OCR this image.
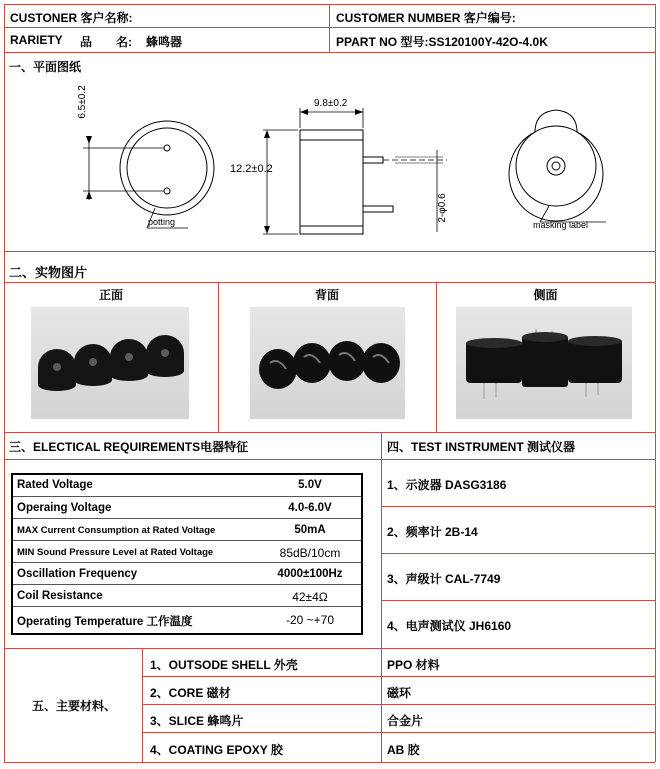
CUSTONER 客户名称:	CUSTOMER NUMBER 客户编号:
RARIETY 品 名: 蜂鸣器	PPART NO 型号:SS120100Y-42O-4.0K
一、平面图纸
6.5±0.2
potting
9.8±0.2
12.2±0.2
2-φ0.6
masking label
二、实物图片
正面	背面	侧面
三、ELECTICAL REQUIREMENTS电器特征
Rated Voltage	5.0V
Operaing Voltage	4.0-6.0V
MAX Current Consumption at Rated Voltage	50mA
MIN Sound Pressure Level at Rated Voltage	85dB/10cm
Oscillation Frequency	4000±100Hz
Coil Resistance	42±4Ω
Operating Temperature 工作温度	-20 ~+70
四、TEST INSTRUMENT 测试仪器
1、示波器 DASG3186
2、频率计 2B-14
3、声级计 CAL-7749
4、电声测试仪 JH6160
五、主要材料、
1、OUTSODE SHELL 外壳	PPO 材料
2、CORE 磁材	磁环
3、SLICE 蜂鸣片	合金片
4、COATING EPOXY 胶	AB 胶
